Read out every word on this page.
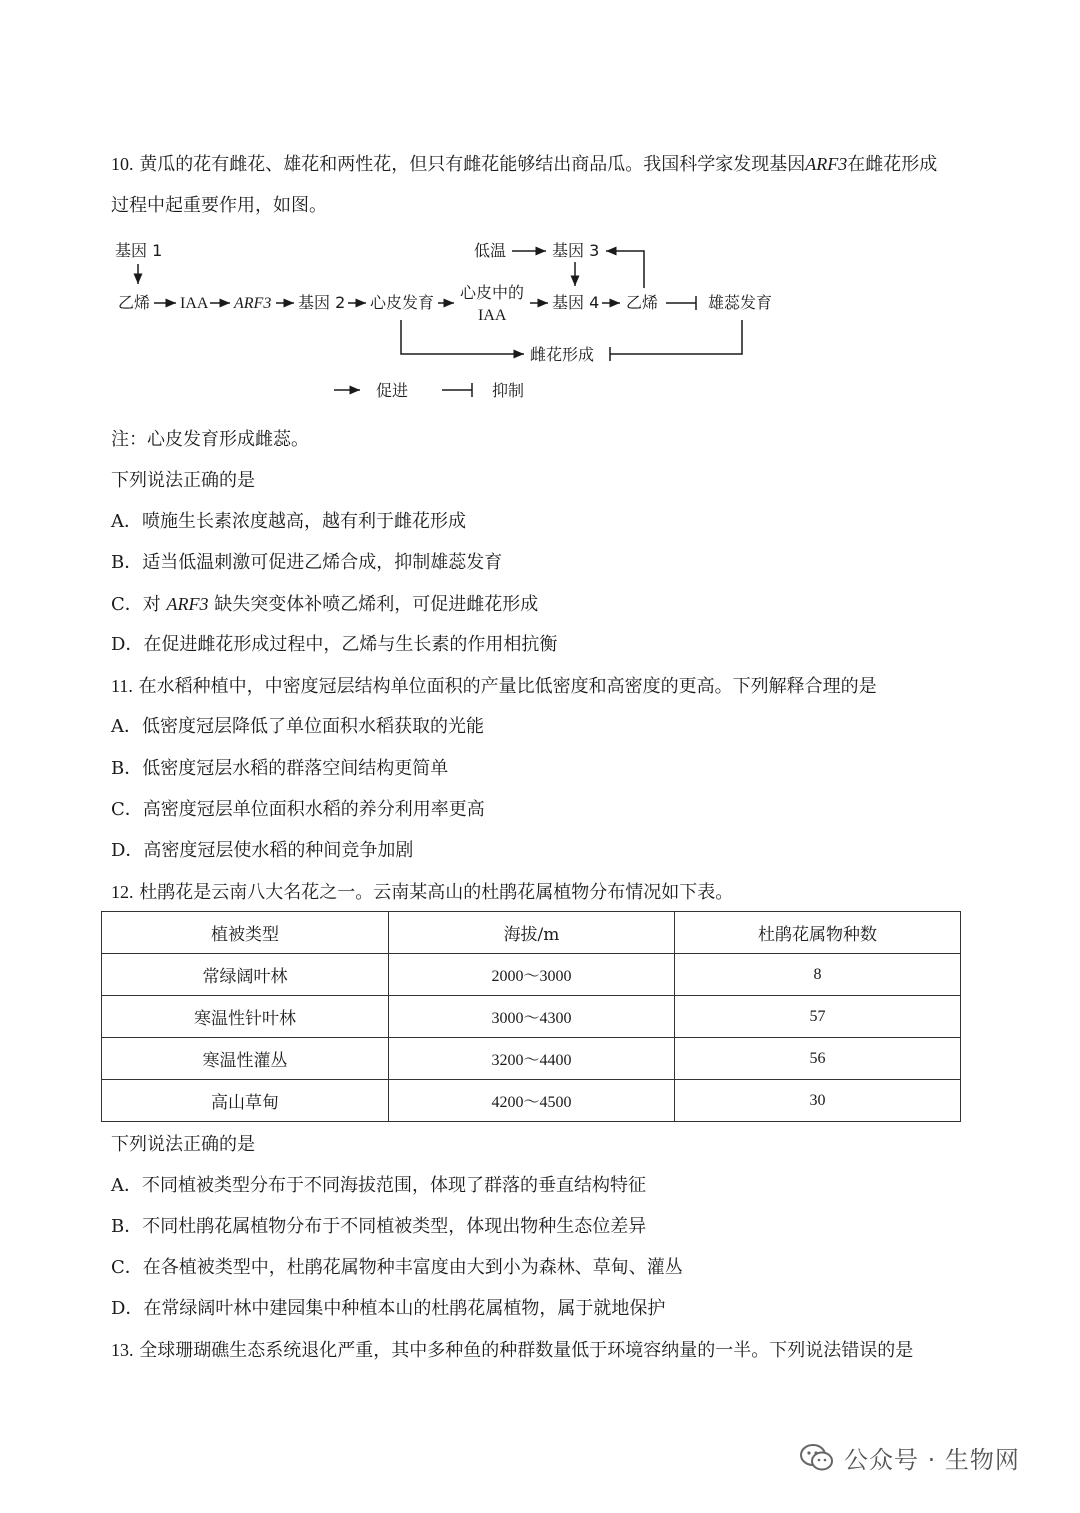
10. 黄瓜的花有雌花、雄花和两性花，但只有雌花能够结出商品瓜。我国科学家发现基因ARF3在雌花形成
过程中起重要作用，如图。
基因 1
乙烯 IAA ARF3 基因 2 心皮发育
心皮中的
IAA
基因 4 乙烯	雄蕊发育
低温	基因 3
雌花形成
促进	抑制
注：心皮发育形成雌蕊。
下列说法正确的是
A．喷施生长素浓度越高，越有利于雌花形成
B．适当低温刺激可促进乙烯合成，抑制雄蕊发育
C．对 ARF3 缺失突变体补喷乙烯利，可促进雌花形成
D．在促进雌花形成过程中，乙烯与生长素的作用相抗衡
11. 在水稻种植中，中密度冠层结构单位面积的产量比低密度和高密度的更高。下列解释合理的是
A．低密度冠层降低了单位面积水稻获取的光能
B．低密度冠层水稻的群落空间结构更简单
C．高密度冠层单位面积水稻的养分利用率更高
D．高密度冠层使水稻的种间竞争加剧
12. 杜鹃花是云南八大名花之一。云南某高山的杜鹃花属植物分布情况如下表。
植被类型	海拔/m	杜鹃花属物种数
常绿阔叶林	2000～3000	8
寒温性针叶林	3000～4300	57
寒温性灌丛	3200～4400	56
高山草甸	4200～4500	30
下列说法正确的是
A．不同植被类型分布于不同海拔范围，体现了群落的垂直结构特征
B．不同杜鹃花属植物分布于不同植被类型，体现出物种生态位差异
C．在各植被类型中，杜鹃花属物种丰富度由大到小为森林、草甸、灌丛
D．在常绿阔叶林中建园集中种植本山的杜鹃花属植物，属于就地保护
13. 全球珊瑚礁生态系统退化严重，其中多种鱼的种群数量低于环境容纳量的一半。下列说法错误的是
公众号 · 生物网
